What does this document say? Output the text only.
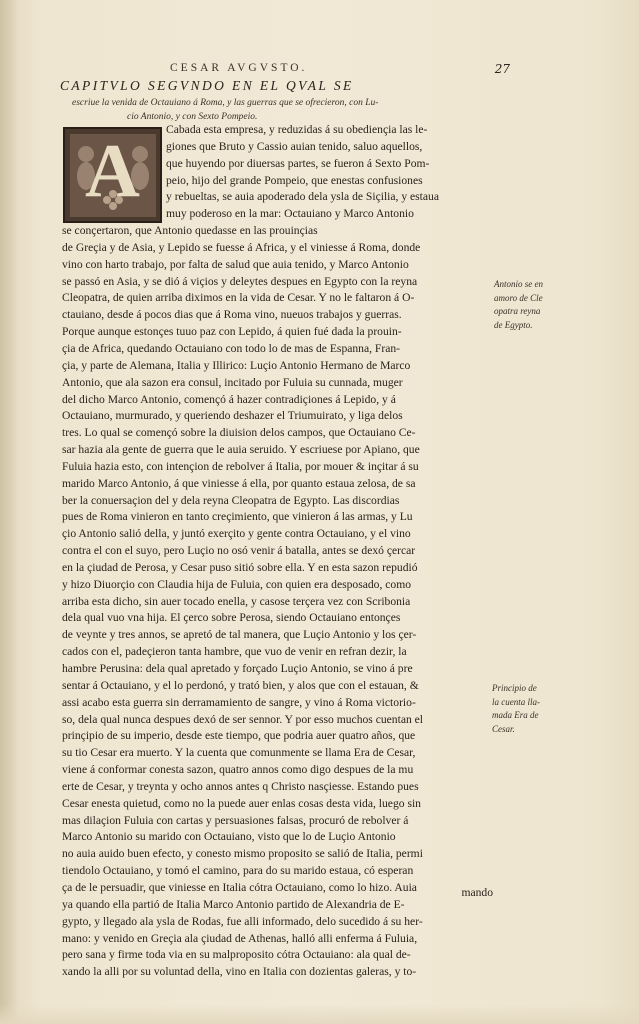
CESAR AVGVSTO.	27
CAPITVLO SEGVNDO EN EL QVAL SE
escriue la venida de Octauiano á Roma, y las guerras que se ofrecieron, con Lu-
cio Antonio, y con Sexto Pompeio.
A	Cabada esta empresa, y reduzidas á su obediençia las le-
giones que Bruto y Cassio auian tenido, saluo aquellos,
que huyendo por diuersas partes, se fueron á Sexto Pom-
peio, hijo del grande Pompeio, que enestas confusiones
y rebueltas, se auia apoderado dela ysla de Siçilia, y estaua
muy poderoso en la mar: Octauiano y Marco Antonio
se conçertaron, que Antonio quedasse en las prouinçias
de Greçia y de Asia, y Lepido se fuesse á Africa, y el viniesse á Roma, donde
vino con harto trabajo, por falta de salud que auia tenido, y Marco Antonio
se passó en Asia, y se dió á viçios y deleytes despues en Egypto con la reyna
Cleopatra, de quien arriba diximos en la vida de Cesar. Y no le faltaron á O-
ctauiano, desde á pocos dias que á Roma vino, nueuos trabajos y guerras.
Porque aunque estonçes tuuo paz con Lepido, á quien fué dada la prouin-
çia de Africa, quedando Octauiano con todo lo de mas de Espanna, Fran-
çia, y parte de Alemana, Italia y Illirico: Luçio Antonio Hermano de Marco
Antonio, que ala sazon era consul, incitado por Fuluia su cunnada, muger
del dicho Marco Antonio, començó á hazer contradiçiones á Lepido, y á
Octauiano, murmurado, y queriendo deshazer el Triumuirato, y liga delos
tres. Lo qual se començó sobre la diuision delos campos, que Octauiano Ce-
sar hazia ala gente de guerra que le auia seruido. Y escriuese por Apiano, que
Fuluia hazia esto, con intençion de rebolver á Italia, por mouer & inçitar á su
marido Marco Antonio, á que viniesse á ella, por quanto estaua zelosa, de sa
ber la conuersaçion del y dela reyna Cleopatra de Egypto. Las discordias
pues de Roma vinieron en tanto creçimiento, que vinieron á las armas, y Lu
çio Antonio salió della, y juntó exerçito y gente contra Octauiano, y el vino
contra el con el suyo, pero Luçio no osó venir á batalla, antes se dexó çercar
en la çiudad de Perosa, y Cesar puso sitió sobre ella. Y en esta sazon repudió
y hizo Diuorçio con Claudia hija de Fuluia, con quien era desposado, como
arriba esta dicho, sin auer tocado enella, y casose terçera vez con Scribonia
dela qual vuo vna hija. El çerco sobre Perosa, siendo Octauiano entonçes
de veynte y tres annos, se apretó de tal manera, que Luçio Antonio y los çer-
cados con el, padeçieron tanta hambre, que vuo de venir en refran dezir, la
hambre Perusina: dela qual apretado y forçado Luçio Antonio, se vino á pre
sentar á Octauiano, y el lo perdonó, y trató bien, y alos que con el estauan, &
assi acabo esta guerra sin derramamiento de sangre, y vino á Roma victorio-
so, dela qual nunca despues dexó de ser sennor. Y por esso muchos cuentan el
prinçipio de su imperio, desde este tiempo, que podria auer quatro años, que
su tio Cesar era muerto. Y la cuenta que comunmente se llama Era de Cesar,
viene á conformar conesta sazon, quatro annos como digo despues de la mu
erte de Cesar, y treynta y ocho annos antes q Christo nasçiesse. Estando pues
Cesar enesta quietud, como no la puede auer enlas cosas desta vida, luego sin
mas dilaçion Fuluia con cartas y persuasiones falsas, procuró de rebolver á
Marco Antonio su marido con Octauiano, visto que lo de Luçio Antonio
no auia auido buen efecto, y conesto mismo proposito se salió de Italia, permi
tiendolo Octauiano, y tomó el camino, para do su marido estaua, có esperan
ça de le persuadir, que viniesse en Italia cótra Octauiano, como lo hizo. Auia
ya quando ella partió de Italia Marco Antonio partido de Alexandria de E-
gypto, y llegado ala ysla de Rodas, fue alli informado, delo sucedido á su her-
mano: y venido en Greçia ala çiudad de Athenas, halló alli enferma á Fuluia,
pero sana y firme toda via en su malproposito cótra Octauiano: ala qual de-
xando la alli por su voluntad della, vino en Italia con dozientas galeras, y to-
mando
Antonio se en
amoro de Cle
opatra reyna
de Egypto.
Principio de
la cuenta lla-
mada Era de
Cesar.
